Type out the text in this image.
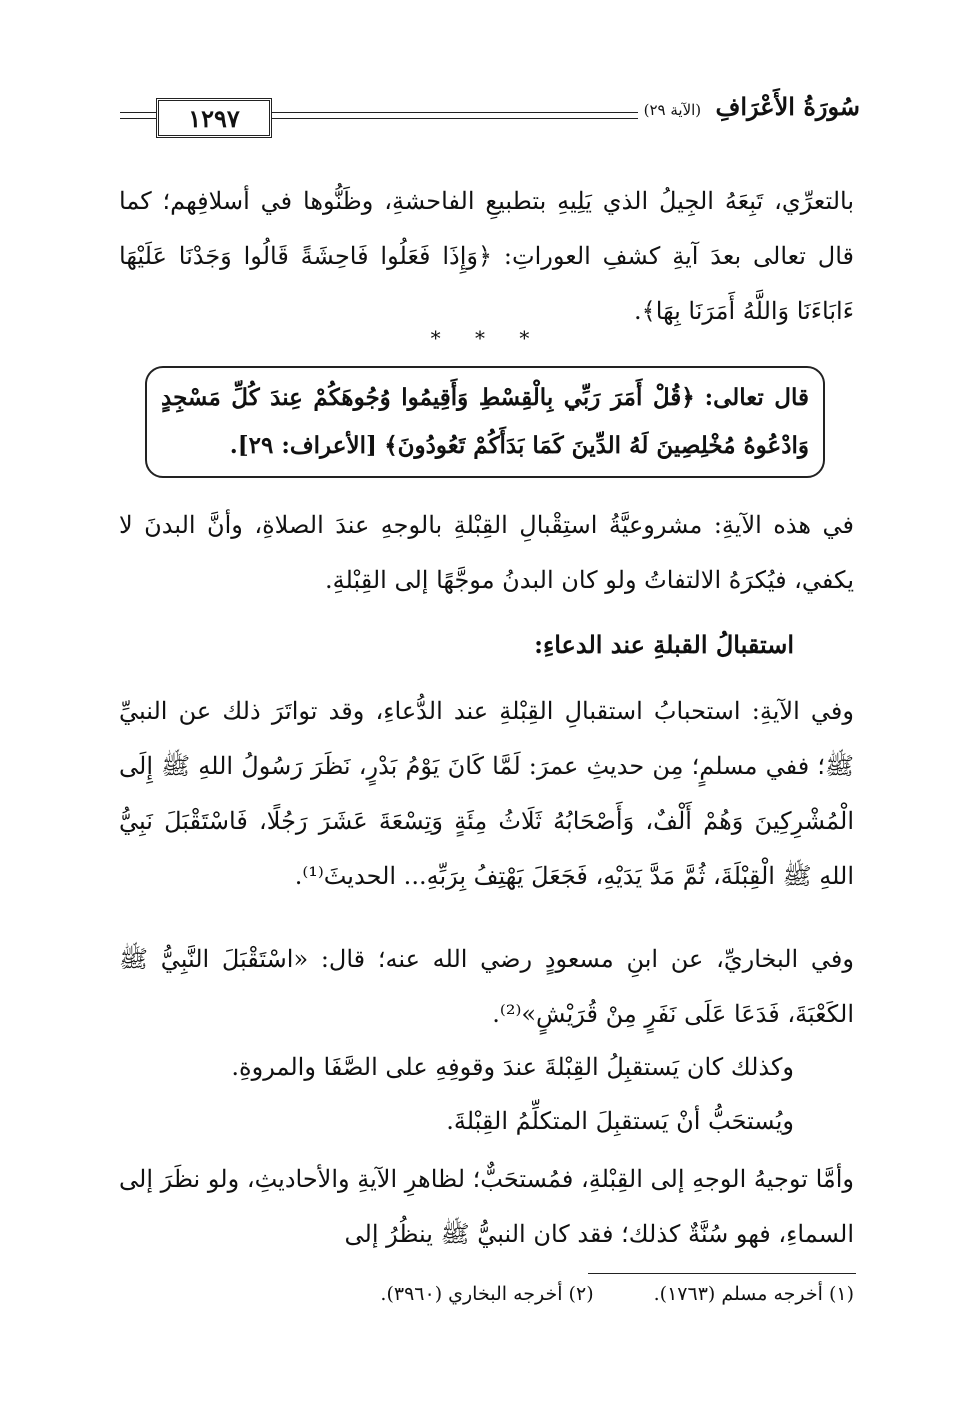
١٢٩٧	سُورَةُ الأَعْرَافِ (الآية ٢٩)
بالتعرِّي، تَبِعَهُ الجِيلُ الذي يَلِيهِ بتطبيعِ الفاحشةِ، وظَنُّوها في أسلافِهم؛ كما قال تعالى بعدَ آيةِ كشفِ العوراتِ: ﴿وَإِذَا فَعَلُوا فَاحِشَةً قَالُوا وَجَدْنَا عَلَيْهَا ءَابَاءَنَا وَاللَّهُ أَمَرَنَا بِهَا﴾.
* * *
قال تعالى: ﴿قُلْ أَمَرَ رَبِّي بِالْقِسْطِ وَأَقِيمُوا وُجُوهَكُمْ عِندَ كُلِّ مَسْجِدٍ وَادْعُوهُ مُخْلِصِينَ لَهُ الدِّينَ كَمَا بَدَأَكُمْ تَعُودُونَ﴾ [الأعراف: ٢٩].
في هذه الآيةِ: مشروعيَّةُ استِقْبالِ القِبْلةِ بالوجهِ عندَ الصلاةِ، وأنَّ البدنَ لا يكفي، فيُكرَهُ الالتفاتُ ولو كان البدنُ موجَّهًا إلى القِبْلةِ.
استقبالُ القبلةِ عند الدعاءِ:
وفي الآيةِ: استحبابُ استقبالِ القِبْلةِ عند الدُّعاءِ، وقد تواتَرَ ذلك عن النبيِّ ﷺ؛ ففي مسلمٍ؛ مِن حديثِ عمرَ: لَمَّا كَانَ يَوْمُ بَدْرٍ، نَظَرَ رَسُولُ اللهِ ﷺ إِلَى الْمُشْرِكِينَ وَهُمْ أَلْفٌ، وَأَصْحَابُهُ ثَلَاثُ مِئَةٍ وَتِسْعَةَ عَشَرَ رَجُلًا، فَاسْتَقْبَلَ نَبِيُّ اللهِ ﷺ الْقِبْلَةَ، ثُمَّ مَدَّ يَدَيْهِ، فَجَعَلَ يَهْتِفُ بِرَبِّهِ... الحديثَ⁽¹⁾.
وفي البخاريِّ، عن ابنِ مسعودٍ رضي الله عنه؛ قال: «اسْتَقْبَلَ النَّبِيُّ ﷺ الكَعْبَةَ، فَدَعَا عَلَى نَفَرٍ مِنْ قُرَيْشٍ»⁽²⁾.
وكذلك كان يَستقبِلُ القِبْلةَ عندَ وقوفِهِ على الصَّفَا والمروةِ.
ويُستحَبُّ أنْ يَستقبِلَ المتكلِّمُ القِبْلةَ.
وأمَّا توجيهُ الوجهِ إلى القِبْلةِ، فمُستحَبٌّ؛ لظاهرِ الآيةِ والأحاديثِ، ولو نظَرَ إلى السماءِ، فهو سُنَّةٌ كذلك؛ فقد كان النبيُّ ﷺ ينظُرُ إلى
(١) أخرجه مسلم (١٧٦٣).
(٢) أخرجه البخاري (٣٩٦٠).
